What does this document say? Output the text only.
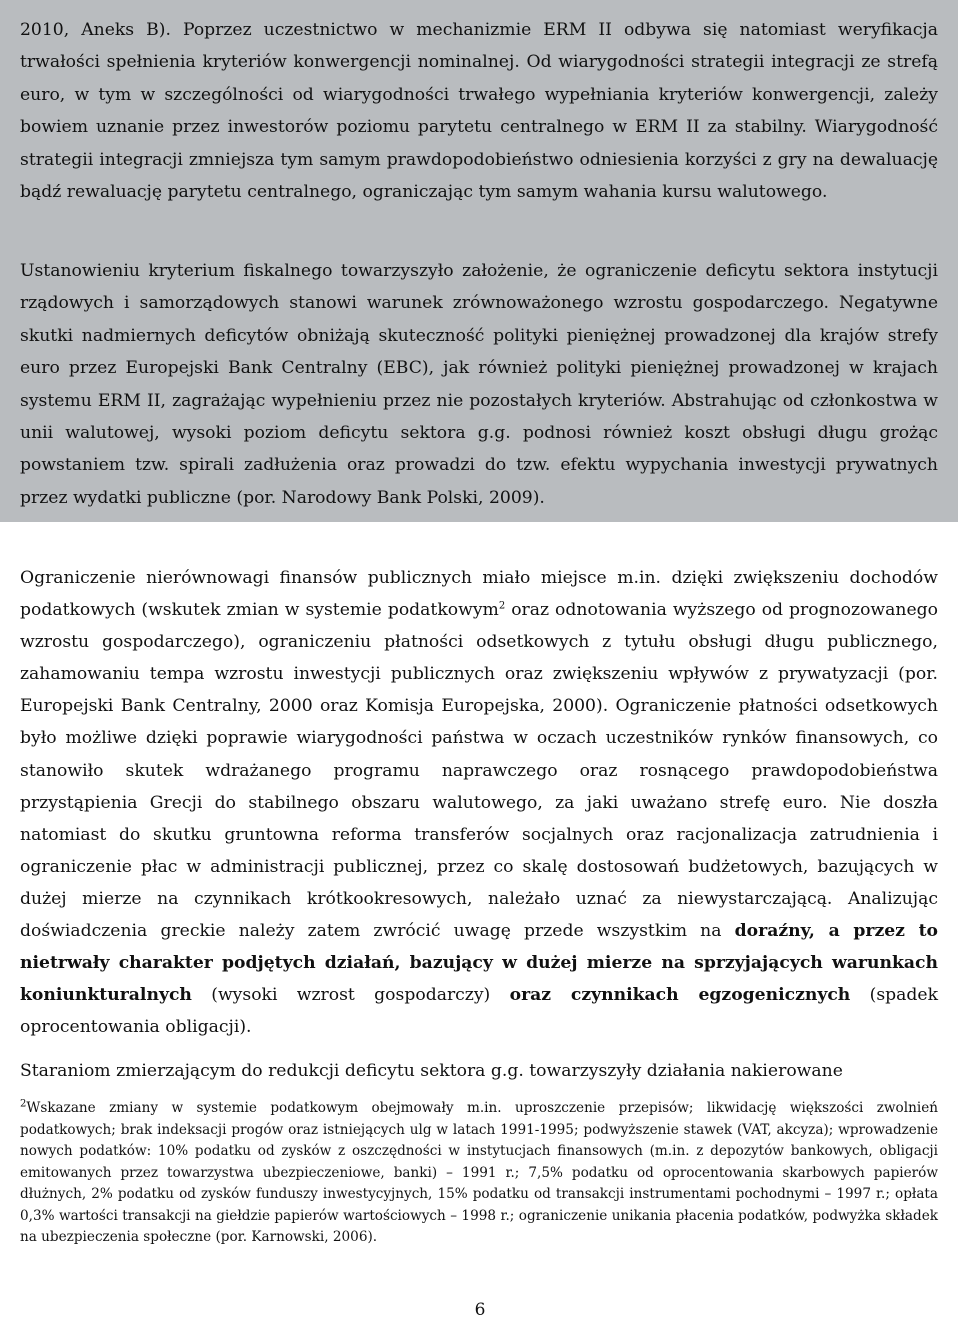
2010, Aneks B). Poprzez uczestnictwo w mechanizmie ERM II odbywa się natomiast weryfikacja trwałości spełnienia kryteriów konwergencji nominalnej. Od wiarygodności strategii integracji ze strefą euro, w tym w szczególności od wiarygodności trwałego wypełniania kryteriów konwergencji, zależy bowiem uznanie przez inwestorów poziomu parytetu centralnego w ERM II za stabilny. Wiarygodność strategii integracji zmniejsza tym samym prawdopodobieństwo odniesienia korzyści z gry na dewaluację bądź rewaluację parytetu centralnego, ograniczając tym samym wahania kursu walutowego.

Ustanowieniu kryterium fiskalnego towarzyszyło założenie, że ograniczenie deficytu sektora instytucji rządowych i samorządowych stanowi warunek zrównoważonego wzrostu gospodarczego. Negatywne skutki nadmiernych deficytów obniżają skuteczność polityki pieniężnej prowadzonej dla krajów strefy euro przez Europejski Bank Centralny (EBC), jak również polityki pieniężnej prowadzonej w krajach systemu ERM II, zagrażając wypełnieniu przez nie pozostałych kryteriów. Abstrahując od członkostwa w unii walutowej, wysoki poziom deficytu sektora g.g. podnosi również koszt obsługi długu grożąc powstaniem tzw. spirali zadłużenia oraz prowadzi do tzw. efektu wypychania inwestycji prywatnych przez wydatki publiczne (por. Narodowy Bank Polski, 2009).

Ograniczenie nierównowagi finansów publicznych miało miejsce m.in. dzięki zwiększeniu dochodów podatkowych (wskutek zmian w systemie podatkowym$^2$ oraz odnotowania wyższego od prognozowanego wzrostu gospodarczego), ograniczeniu płatności odsetkowych z tytułu obsługi długu publicznego, zahamowaniu tempa wzrostu inwestycji publicznych oraz zwiększeniu wpływów z prywatyzacji (por. Europejski Bank Centralny, 2000 oraz Komisja Europejska, 2000). Ograniczenie płatności odsetkowych było możliwe dzięki poprawie wiarygodności państwa w oczach uczestników rynków finansowych, co stanowiło skutek wdrażanego programu naprawczego oraz rosnącego prawdopodobieństwa przystąpienia Grecji do stabilnego obszaru walutowego, za jaki uważano strefę euro. Nie doszła natomiast do skutku gruntowna reforma transferów socjalnych oraz racjonalizacja zatrudnienia i ograniczenie płac w administracji publicznej, przez co skalę dostosowań budżetowych, bazujących w dużej mierze na czynnikach krótkookresowych, należało uznać za niewystarczającą. Analizując doświadczenia greckie należy zatem zwrócić uwagę przede wszystkim na doraźny, a przez to nietrwały charakter podjętych działań, bazujący w dużej mierze na sprzyjających warunkach koniunkturalnych (wysoki wzrost gospodarczy) oraz czynnikach egzogenicznych (spadek oprocentowania obligacji).

Staraniom zmierzającym do redukcji deficytu sektora g.g. towarzyszyły działania nakierowane

$^2$Wskazane zmiany w systemie podatkowym obejmowały m.in. uproszczenie przepisów; likwidację większości zwolnień podatkowych; brak indeksacji progów oraz istniejących ulg w latach 1991-1995; podwyższenie stawek (VAT, akcyza); wprowadzenie nowych podatków: 10% podatku od zysków z oszczędności w instytucjach finansowych (m.in. z depozytów bankowych, obligacji emitowanych przez towarzystwa ubezpieczeniowe, banki) – 1991 r.; 7,5% podatku od oprocentowania skarbowych papierów dłużnych, 2% podatku od zysków funduszy inwestycyjnych, 15% podatku od transakcji instrumentami pochodnymi – 1997 r.; opłata 0,3% wartości transakcji na giełdzie papierów wartościowych – 1998 r.; ograniczenie unikania płacenia podatków, podwyżka składek na ubezpieczenia społeczne (por. Karnowski, 2006).

6
